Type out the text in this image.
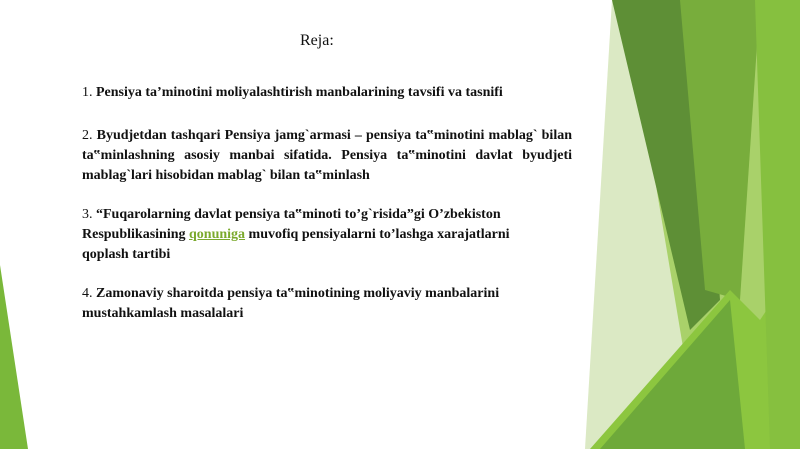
Reja:
1. Pensiya ta’minotini moliyalashtirish manbalarining tavsifi va tasnifi
2. Byudjetdan tashqari Pensiya jamg`armasi – pensiya ta‟minotini mablag` bilan ta‟minlashning asosiy manbai sifatida. Pensiya ta‟minotini davlat byudjeti mablag`lari hisobidan mablag` bilan ta‟minlash
3. “Fuqarolarning davlat pensiya ta‟minoti to’g`risida”gi O’zbekiston Respublikasining qonuniga muvofiq pensiyalarni to’lashga xarajatlarni qoplash tartibi
4. Zamonaviy sharoitda pensiya ta‟minotining moliyaviy manbalarini mustahkamlash masalalari
